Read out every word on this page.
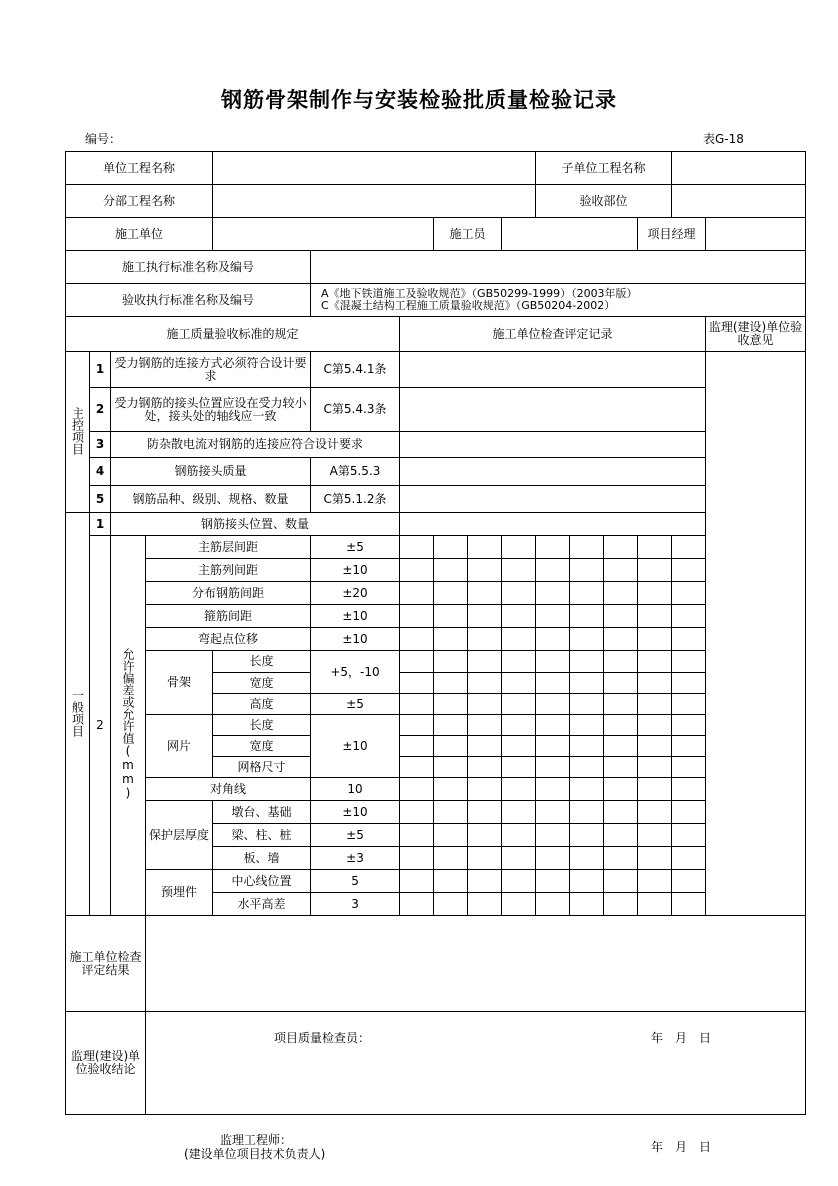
钢筋骨架制作与安装检验批质量检验记录
编号：	表G-18
单位工程名称										子单位工程名称					
分部工程名称										验收部位					
施工单位							施工员						项目经理		
施工执行标准名称及编号															
验收执行标准名称及编号					A《地下铁道施工及验收规范》（GB50299-1999）（2003年版）
C《混凝土结构工程施工质量验收规范》（GB50204-2002）										

施工质量验收标准的规定						施工单位检查评定记录									监理(建设)单位验收意见
主控项目	1	受力钢筋的连接方式必须符合设计要求			C第5.4.1条										
	2	受力钢筋的接头位置应设在受力较小处，接头处的轴线应一致			C第5.4.3条										
	3	防杂散电流对钢筋的连接应符合设计要求													
	4	钢筋接头质量			A第5.5.3										
	5	钢筋品种、级别、规格、数量			C第5.1.2条										
一般项目	1	钢筋接头位置、数量													
	2	允许偏差或允许值(mm)	主筋层间距		±5										
			主筋列间距		±10										
			分布钢筋间距		±20										
			箍筋间距		±10										
			弯起点位移		±10										
			骨架	长度	+5，-10										
				宽度											
				高度	±5										
			网片	长度	±10										
				宽度											
				网格尺寸											
			对角线		10										
			保护层厚度	墩台、基础	±10										
				梁、柱、桩	±5										
				板、墙	±3										
			预埋件	中心线位置	5										
				水平高差	3										
施工单位检查评定结果			项目质量检查员： 年　月　日												

监理(建设)单位验收结论			监理工程师：
(建设单位项目技术负责人) 年　月　日												
